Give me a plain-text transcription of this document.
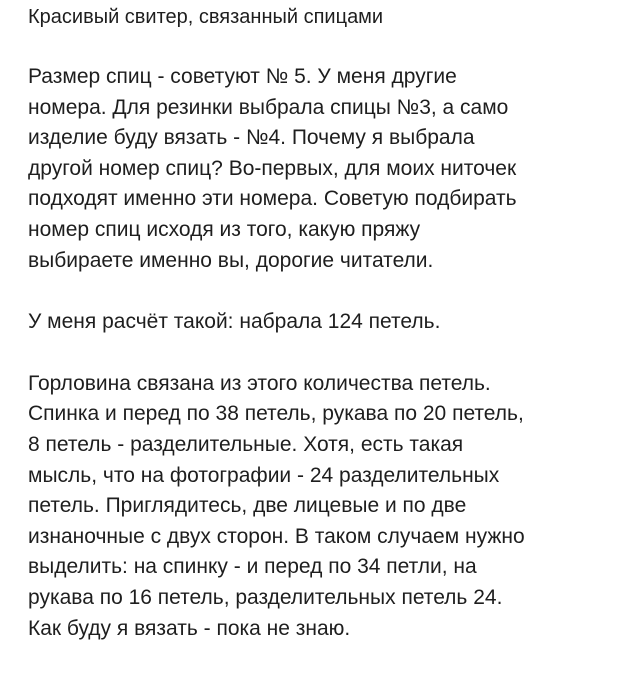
Красивый свитер, связанный спицами

Размер спиц - советуют № 5. У меня другие
номера. Для резинки выбрала спицы №3, а само
изделие буду вязать - №4. Почему я выбрала
другой номер спиц? Во-первых, для моих ниточек
подходят именно эти номера. Советую подбирать
номер спиц исходя из того, какую пряжу
выбираете именно вы, дорогие читатели.

У меня расчёт такой: набрала 124 петель.

Горловина связана из этого количества петель.
Спинка и перед по 38 петель, рукава по 20 петель,
8 петель - разделительные. Хотя, есть такая
мысль, что на фотографии - 24 разделительных
петель. Приглядитесь, две лицевые и по две
изнаночные с двух сторон. В таком случаем нужно
выделить: на спинку - и перед по 34 петли, на
рукава по 16 петель, разделительных петель 24.
Как буду я вязать - пока не знаю.
